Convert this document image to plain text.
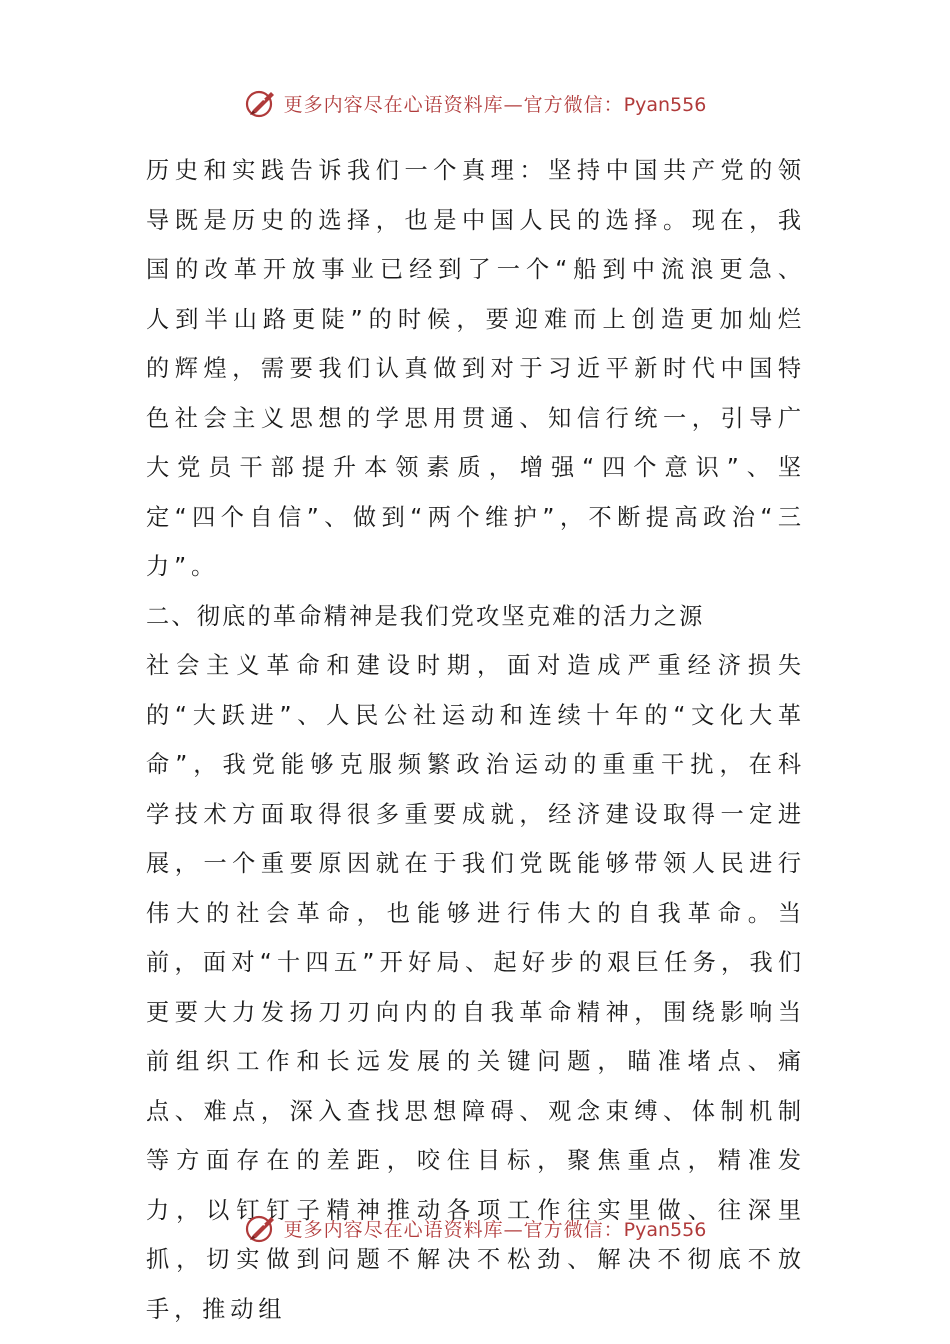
更多内容尽在心语资料库—官方微信：Pyan556

历史和实践告诉我们一个真理：坚持中国共产党的领导既是历史的选择，也是中国人民的选择。现在，我国的改革开放事业已经到了一个“船到中流浪更急、人到半山路更陡”的时候，要迎难而上创造更加灿烂的辉煌，需要我们认真做到对于习近平新时代中国特色社会主义思想的学思用贯通、知信行统一，引导广大党员干部提升本领素质，增强“四个意识”、坚定“四个自信”、做到“两个维护”，不断提高政治“三力”。

二、彻底的革命精神是我们党攻坚克难的活力之源

社会主义革命和建设时期，面对造成严重经济损失的“大跃进”、人民公社运动和连续十年的“文化大革命”，我党能够克服频繁政治运动的重重干扰，在科学技术方面取得很多重要成就，经济建设取得一定进展，一个重要原因就在于我们党既能够带领人民进行伟大的社会革命，也能够进行伟大的自我革命。当前，面对“十四五”开好局、起好步的艰巨任务，我们更要大力发扬刀刃向内的自我革命精神，围绕影响当前组织工作和长远发展的关键问题，瞄准堵点、痛点、难点，深入查找思想障碍、观念束缚、体制机制等方面存在的差距，咬住目标，聚焦重点，精准发力，以钉钉子精神推动各项工作往实里做、往深里抓，切实做到问题不解决不松劲、解决不彻底不放手，推动组

更多内容尽在心语资料库—官方微信：Pyan556
